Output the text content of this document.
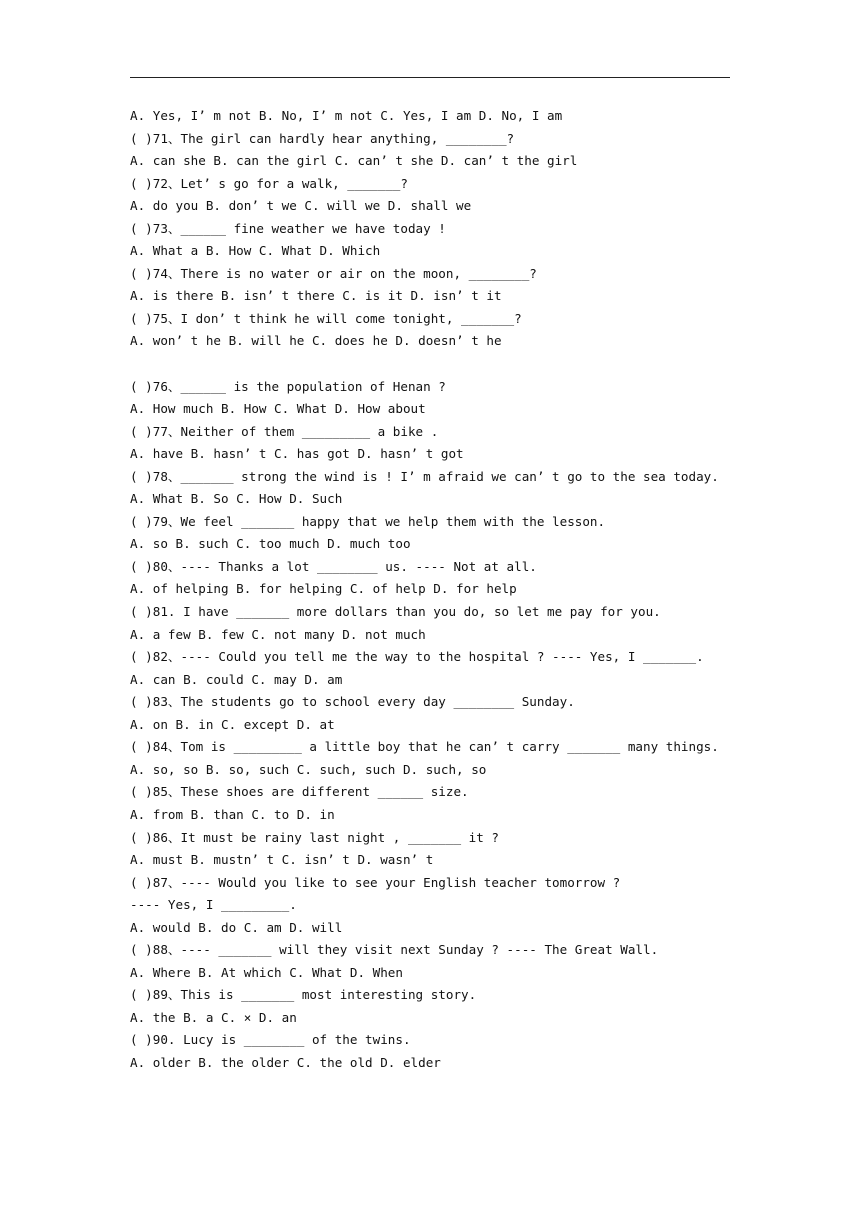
A. Yes, I’ m not B. No, I’ m not C. Yes, I am D. No, I am
( )71、The girl can hardly hear anything, ________?
A. can she B. can the girl C. can’ t she D. can’ t the girl
( )72、Let’ s go for a walk, _______?
A. do you B. don’ t we C. will we D. shall we
( )73、______ fine weather we have today !
A. What a B. How C. What D. Which
( )74、There is no water or air on the moon, ________?
A. is there B. isn’ t there C. is it D. isn’ t it
( )75、I don’ t think he will come tonight, _______?
A. won’ t he B. will he C. does he D. doesn’ t he
( )76、______ is the population of Henan ?
A. How much B. How C. What D. How about
( )77、Neither of them _________ a bike .
A. have B. hasn’ t C. has got D. hasn’ t got
( )78、_______ strong the wind is ! I’ m afraid we can’ t go to the sea today.
A. What B. So C. How D. Such
( )79、We feel _______ happy that we help them with the lesson.
A. so B. such C. too much D. much too
( )80、---- Thanks a lot ________ us. ---- Not at all.
A. of helping B. for helping C. of help D. for help
( )81. I have _______ more dollars than you do, so let me pay for you.
A. a few B. few C. not many D. not much
( )82、---- Could you tell me the way to the hospital ? ---- Yes, I _______.
A. can B. could C. may D. am
( )83、The students go to school every day ________ Sunday.
A. on B. in C. except D. at
( )84、Tom is _________ a little boy that he can’ t carry _______ many things.
A. so, so B. so, such C. such, such D. such, so
( )85、These shoes are different ______ size.
A. from B. than C. to D. in
( )86、It must be rainy last night , _______ it ?
A. must B. mustn’ t C. isn’ t D. wasn’ t
( )87、---- Would you like to see your English teacher tomorrow ?
---- Yes, I _________.
A. would B. do C. am D. will
( )88、---- _______ will they visit next Sunday ? ---- The Great Wall.
A. Where B. At which C. What D. When
( )89、This is _______ most interesting story.
A. the B. a C. × D. an
( )90. Lucy is ________ of the twins.
A. older B. the older C. the old D. elder
